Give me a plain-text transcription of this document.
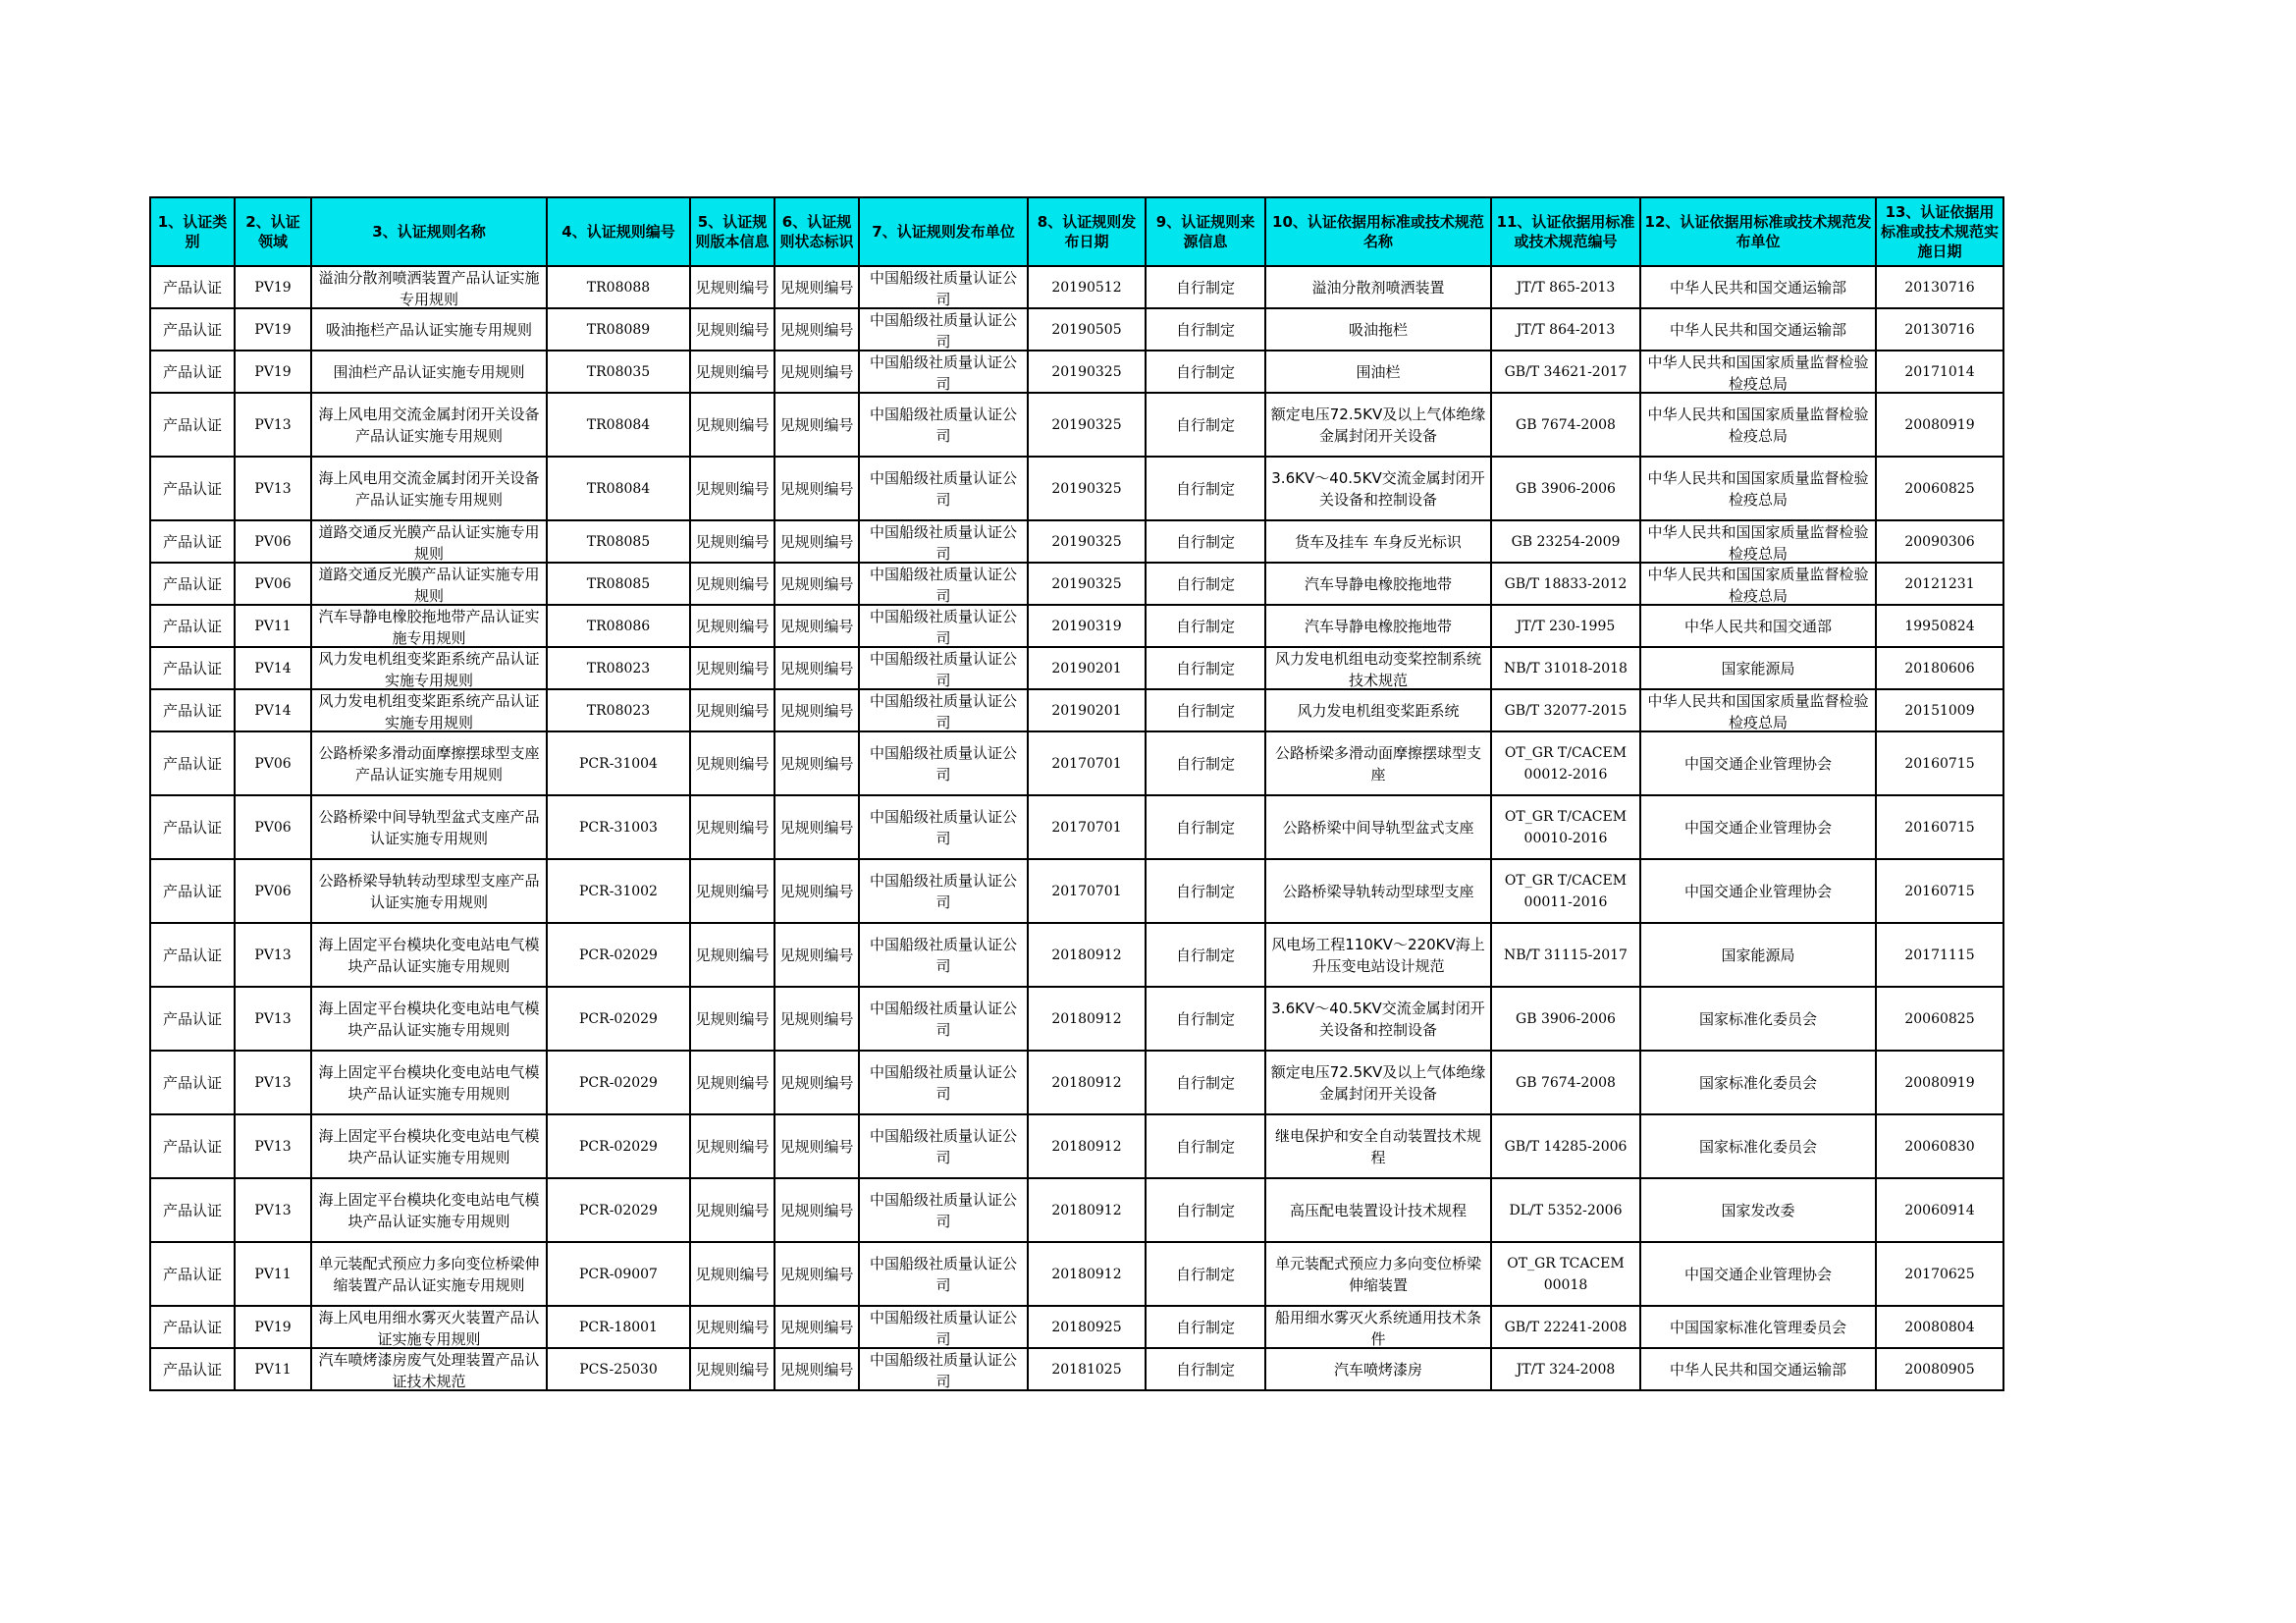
1、认证类别	2、认证领域	3、认证规则名称	4、认证规则编号	5、认证规则版本信息	6、认证规则状态标识	7、认证规则发布单位	8、认证规则发布日期	9、认证规则来源信息	10、认证依据用标准或技术规范名称	11、认证依据用标准或技术规范编号	12、认证依据用标准或技术规范发布单位	13、认证依据用标准或技术规范实施日期

产品认证	PV19	溢油分散剂喷洒装置产品认证实施专用规则	TR08088	见规则编号	见规则编号	中国船级社质量认证公司	20190512	自行制定	溢油分散剂喷洒装置	JT/T 865-2013	中华人民共和国交通运输部	20130716

产品认证	PV19	吸油拖栏产品认证实施专用规则	TR08089	见规则编号	见规则编号	中国船级社质量认证公司	20190505	自行制定	吸油拖栏	JT/T 864-2013	中华人民共和国交通运输部	20130716

产品认证	PV19	围油栏产品认证实施专用规则	TR08035	见规则编号	见规则编号	中国船级社质量认证公司	20190325	自行制定	围油栏	GB/T 34621-2017	中华人民共和国国家质量监督检验检疫总局	20171014

产品认证	PV13	海上风电用交流金属封闭开关设备产品认证实施专用规则	TR08084	见规则编号	见规则编号	中国船级社质量认证公司	20190325	自行制定	额定电压72.5KV及以上气体绝缘金属封闭开关设备	GB 7674-2008	中华人民共和国国家质量监督检验检疫总局	20080919

产品认证	PV13	海上风电用交流金属封闭开关设备产品认证实施专用规则	TR08084	见规则编号	见规则编号	中国船级社质量认证公司	20190325	自行制定	3.6KV～40.5KV交流金属封闭开关设备和控制设备	GB 3906-2006	中华人民共和国国家质量监督检验检疫总局	20060825

产品认证	PV06	道路交通反光膜产品认证实施专用规则	TR08085	见规则编号	见规则编号	中国船级社质量认证公司	20190325	自行制定	货车及挂车 车身反光标识	GB 23254-2009	中华人民共和国国家质量监督检验检疫总局	20090306

产品认证	PV06	道路交通反光膜产品认证实施专用规则	TR08085	见规则编号	见规则编号	中国船级社质量认证公司	20190325	自行制定	汽车导静电橡胶拖地带	GB/T 18833-2012	中华人民共和国国家质量监督检验检疫总局	20121231

产品认证	PV11	汽车导静电橡胶拖地带产品认证实施专用规则	TR08086	见规则编号	见规则编号	中国船级社质量认证公司	20190319	自行制定	汽车导静电橡胶拖地带	JT/T 230-1995	中华人民共和国交通部	19950824

产品认证	PV14	风力发电机组变桨距系统产品认证实施专用规则	TR08023	见规则编号	见规则编号	中国船级社质量认证公司	20190201	自行制定	风力发电机组电动变桨控制系统技术规范	NB/T 31018-2018	国家能源局	20180606

产品认证	PV14	风力发电机组变桨距系统产品认证实施专用规则	TR08023	见规则编号	见规则编号	中国船级社质量认证公司	20190201	自行制定	风力发电机组变桨距系统	GB/T 32077-2015	中华人民共和国国家质量监督检验检疫总局	20151009

产品认证	PV06	公路桥梁多滑动面摩擦摆球型支座产品认证实施专用规则	PCR-31004	见规则编号	见规则编号	中国船级社质量认证公司	20170701	自行制定	公路桥梁多滑动面摩擦摆球型支座	OT_GR T/CACEM 00012-2016	中国交通企业管理协会	20160715

产品认证	PV06	公路桥梁中间导轨型盆式支座产品认证实施专用规则	PCR-31003	见规则编号	见规则编号	中国船级社质量认证公司	20170701	自行制定	公路桥梁中间导轨型盆式支座	OT_GR T/CACEM 00010-2016	中国交通企业管理协会	20160715

产品认证	PV06	公路桥梁导轨转动型球型支座产品认证实施专用规则	PCR-31002	见规则编号	见规则编号	中国船级社质量认证公司	20170701	自行制定	公路桥梁导轨转动型球型支座	OT_GR T/CACEM 00011-2016	中国交通企业管理协会	20160715

产品认证	PV13	海上固定平台模块化变电站电气模块产品认证实施专用规则	PCR-02029	见规则编号	见规则编号	中国船级社质量认证公司	20180912	自行制定	风电场工程110KV～220KV海上升压变电站设计规范	NB/T 31115-2017	国家能源局	20171115

产品认证	PV13	海上固定平台模块化变电站电气模块产品认证实施专用规则	PCR-02029	见规则编号	见规则编号	中国船级社质量认证公司	20180912	自行制定	3.6KV～40.5KV交流金属封闭开关设备和控制设备	GB 3906-2006	国家标准化委员会	20060825

产品认证	PV13	海上固定平台模块化变电站电气模块产品认证实施专用规则	PCR-02029	见规则编号	见规则编号	中国船级社质量认证公司	20180912	自行制定	额定电压72.5KV及以上气体绝缘金属封闭开关设备	GB 7674-2008	国家标准化委员会	20080919

产品认证	PV13	海上固定平台模块化变电站电气模块产品认证实施专用规则	PCR-02029	见规则编号	见规则编号	中国船级社质量认证公司	20180912	自行制定	继电保护和安全自动装置技术规程	GB/T 14285-2006	国家标准化委员会	20060830

产品认证	PV13	海上固定平台模块化变电站电气模块产品认证实施专用规则	PCR-02029	见规则编号	见规则编号	中国船级社质量认证公司	20180912	自行制定	高压配电装置设计技术规程	DL/T 5352-2006	国家发改委	20060914

产品认证	PV11	单元装配式预应力多向变位桥梁伸缩装置产品认证实施专用规则	PCR-09007	见规则编号	见规则编号	中国船级社质量认证公司	20180912	自行制定	单元装配式预应力多向变位桥梁伸缩装置	OT_GR TCACEM 00018	中国交通企业管理协会	20170625

产品认证	PV19	海上风电用细水雾灭火装置产品认证实施专用规则	PCR-18001	见规则编号	见规则编号	中国船级社质量认证公司	20180925	自行制定	船用细水雾灭火系统通用技术条件	GB/T 22241-2008	中国国家标准化管理委员会	20080804

产品认证	PV11	汽车喷烤漆房废气处理装置产品认证技术规范	PCS-25030	见规则编号	见规则编号	中国船级社质量认证公司	20181025	自行制定	汽车喷烤漆房	JT/T 324-2008	中华人民共和国交通运输部	20080905
